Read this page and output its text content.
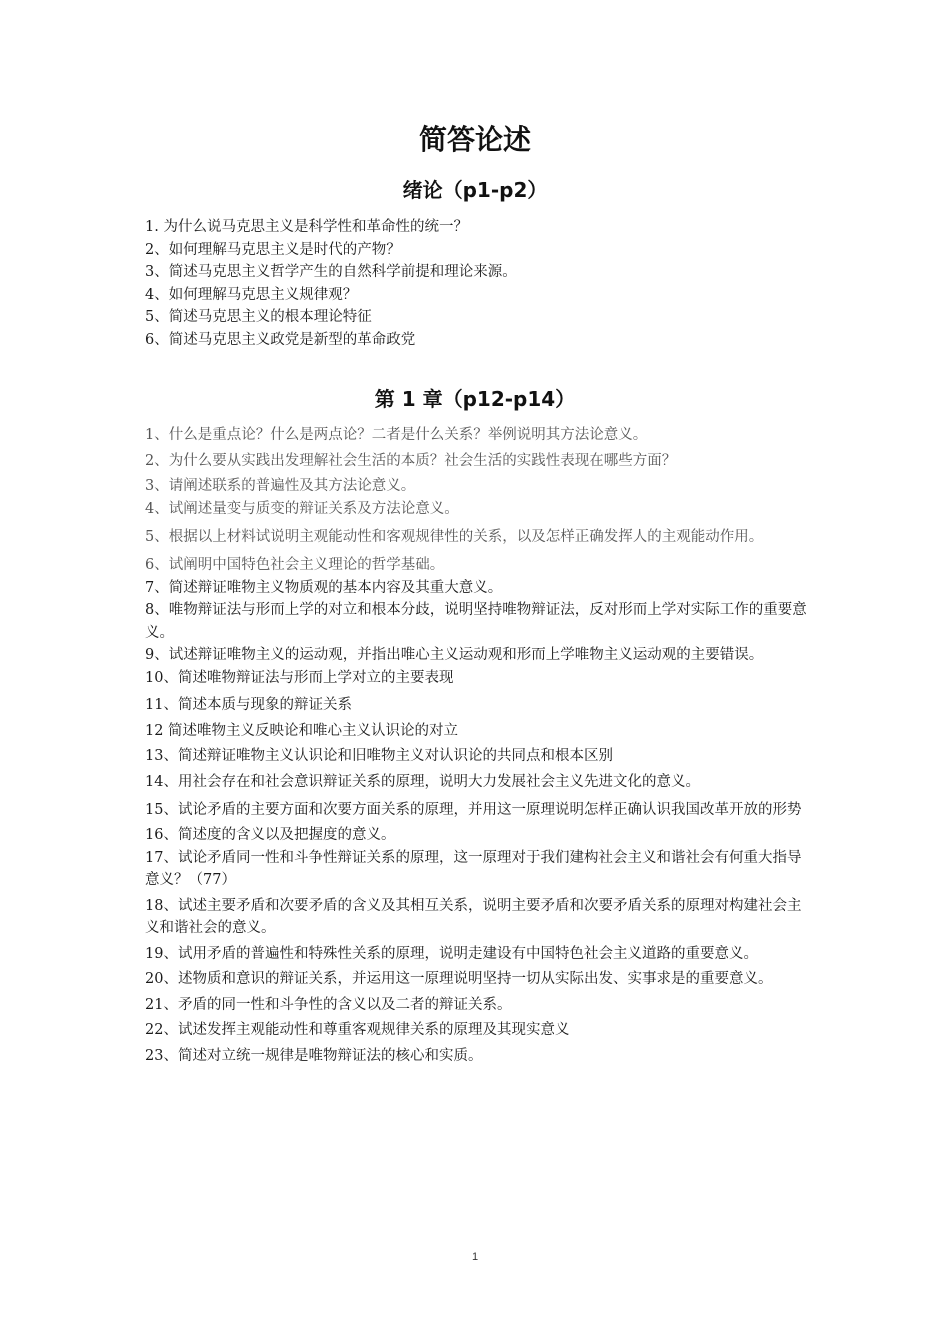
简答论述
绪论（p1-p2）
1. 为什么说马克思主义是科学性和革命性的统一？
2、如何理解马克思主义是时代的产物？
3、简述马克思主义哲学产生的自然科学前提和理论来源。
4、如何理解马克思主义规律观？
5、简述马克思主义的根本理论特征
6、简述马克思主义政党是新型的革命政党
第 1 章（p12-p14）
1、什么是重点论？什么是两点论？二者是什么关系？举例说明其方法论意义。
2、为什么要从实践出发理解社会生活的本质？社会生活的实践性表现在哪些方面？
3、请阐述联系的普遍性及其方法论意义。
4、试阐述量变与质变的辩证关系及方法论意义。
5、根据以上材料试说明主观能动性和客观规律性的关系，以及怎样正确发挥人的主观能动作用。
6、试阐明中国特色社会主义理论的哲学基础。
7、简述辩证唯物主义物质观的基本内容及其重大意义。
8、唯物辩证法与形而上学的对立和根本分歧，说明坚持唯物辩证法，反对形而上学对实际工作的重要意义。
9、试述辩证唯物主义的运动观，并指出唯心主义运动观和形而上学唯物主义运动观的主要错误。
10、简述唯物辩证法与形而上学对立的主要表现
11、简述本质与现象的辩证关系
12 简述唯物主义反映论和唯心主义认识论的对立
13、简述辩证唯物主义认识论和旧唯物主义对认识论的共同点和根本区别
14、用社会存在和社会意识辩证关系的原理，说明大力发展社会主义先进文化的意义。
15、试论矛盾的主要方面和次要方面关系的原理，并用这一原理说明怎样正确认识我国改革开放的形势
16、简述度的含义以及把握度的意义。
17、试论矛盾同一性和斗争性辩证关系的原理，这一原理对于我们建构社会主义和谐社会有何重大指导意义？（77）
18、试述主要矛盾和次要矛盾的含义及其相互关系，说明主要矛盾和次要矛盾关系的原理对构建社会主义和谐社会的意义。
19、试用矛盾的普遍性和特殊性关系的原理，说明走建设有中国特色社会主义道路的重要意义。
20、述物质和意识的辩证关系，并运用这一原理说明坚持一切从实际出发、实事求是的重要意义。
21、矛盾的同一性和斗争性的含义以及二者的辩证关系。
22、试述发挥主观能动性和尊重客观规律关系的原理及其现实意义
23、简述对立统一规律是唯物辩证法的核心和实质。
1
